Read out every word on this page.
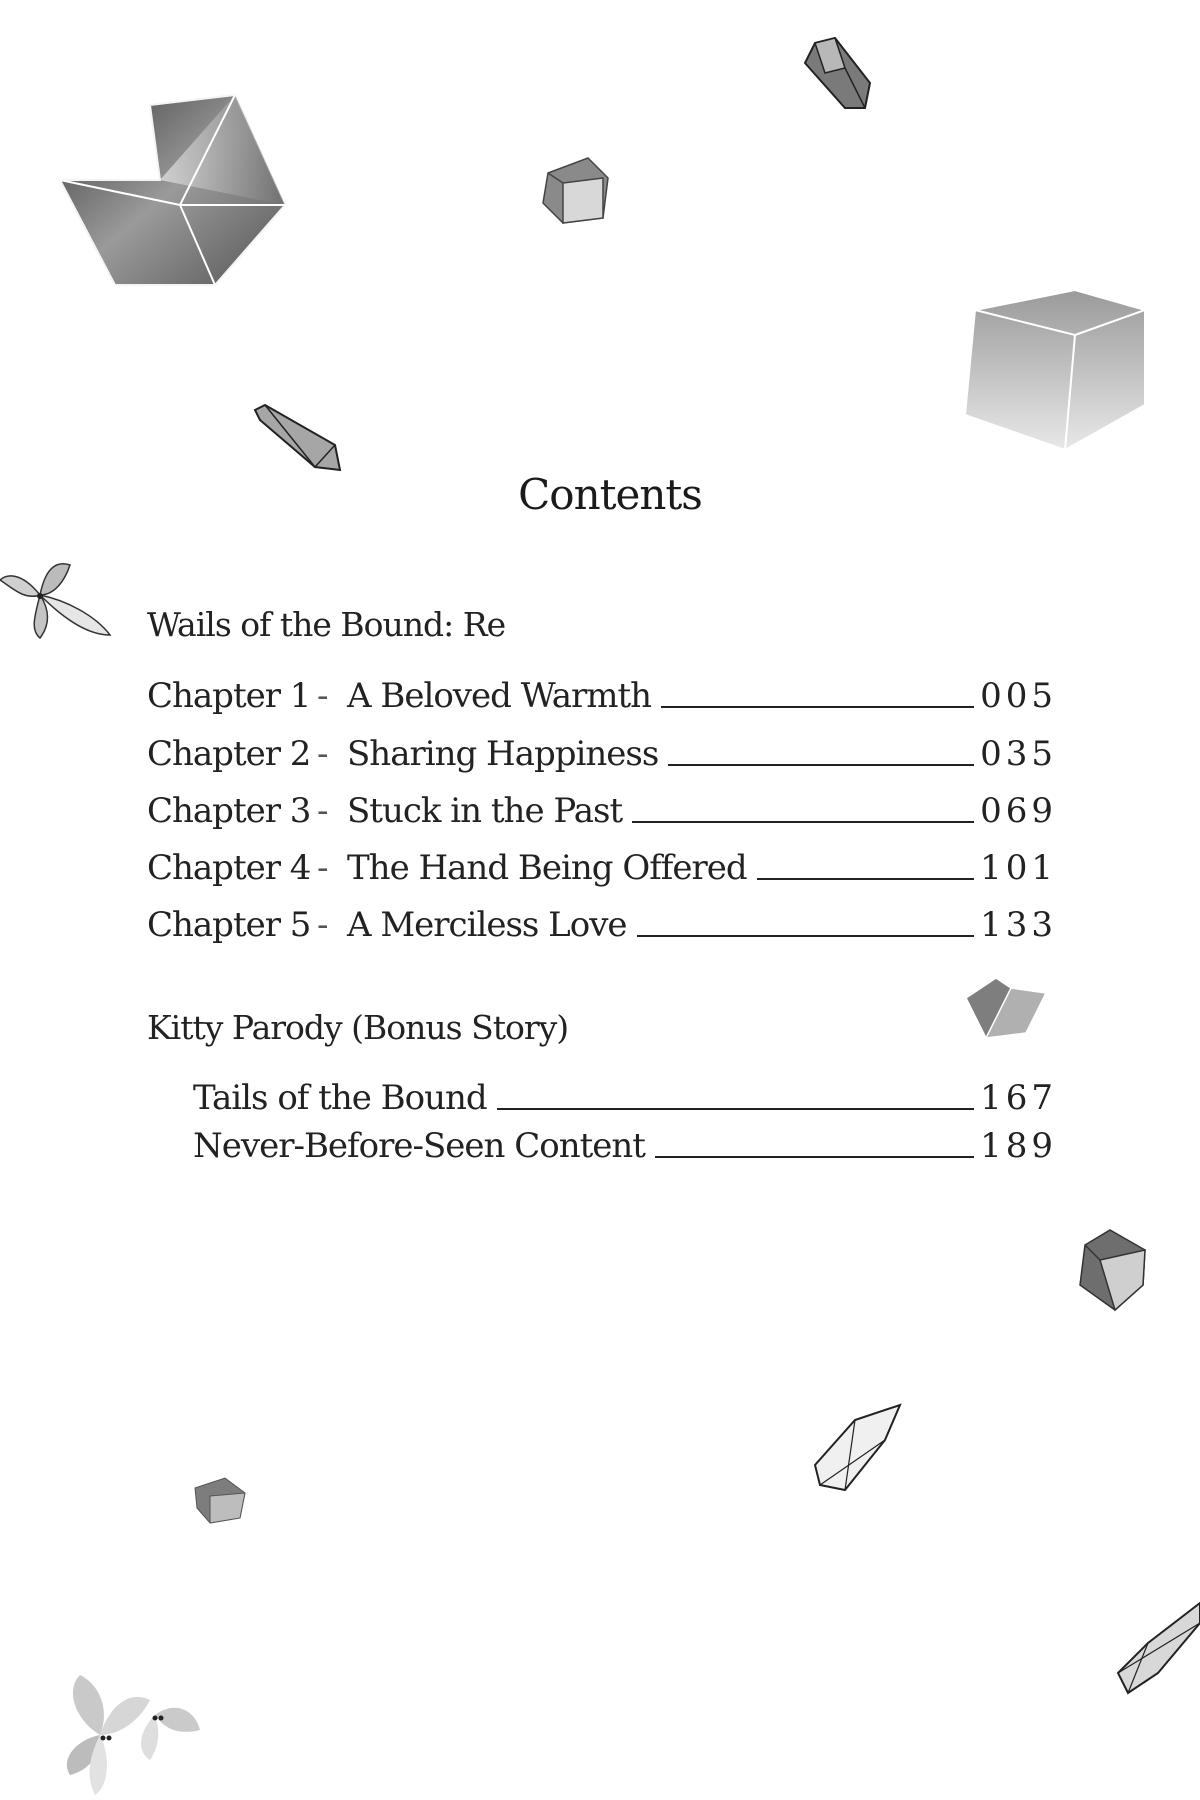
Contents
Wails of the Bound: Re
Chapter 1 - A Beloved Warmth	005
Chapter 2 - Sharing Happiness	035
Chapter 3 - Stuck in the Past	069
Chapter 4 - The Hand Being Offered	101
Chapter 5 - A Merciless Love	133
Kitty Parody (Bonus Story)
Tails of the Bound	167
Never-Before-Seen Content	189
